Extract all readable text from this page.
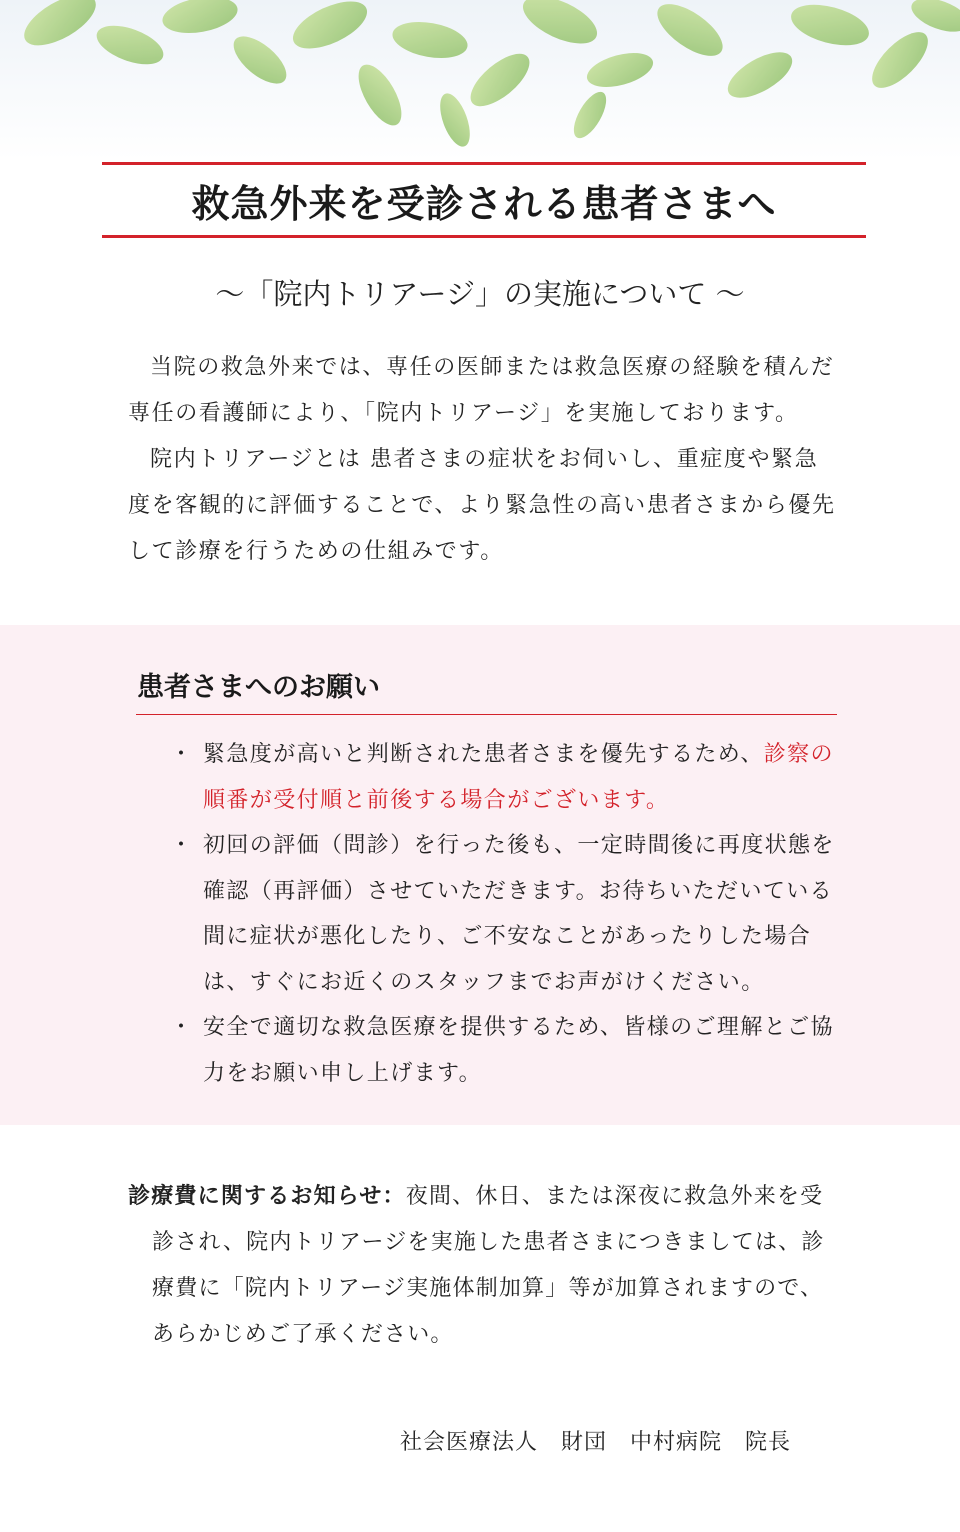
救急外来を受診される患者さまへ
～「院内トリアージ」の実施について ～

当院の救急外来では、専任の医師または救急医療の経験を積んだ専任の看護師により、「院内トリアージ」を実施しております。

院内トリアージとは 患者さまの症状をお伺いし、重症度や緊急度を客観的に評価することで、より緊急性の高い患者さまから優先して診療を行うための仕組みです。

患者さまへのお願い
・ 緊急度が高いと判断された患者さまを優先するため、診察の順番が受付順と前後する場合がございます。
・ 初回の評価（問診）を行った後も、一定時間後に再度状態を確認（再評価）させていただきます。お待ちいただいている間に症状が悪化したり、ご不安なことがあったりした場合は、すぐにお近くのスタッフまでお声がけください。
・ 安全で適切な救急医療を提供するため、皆様のご理解とご協力をお願い申し上げます。
診療費に関するお知らせ：夜間、休日、または深夜に救急外来を受診され、院内トリアージを実施した患者さまにつきましては、診療費に「院内トリアージ実施体制加算」等が加算されますので、あらかじめご了承ください。
社会医療法人　財団　中村病院　院長
